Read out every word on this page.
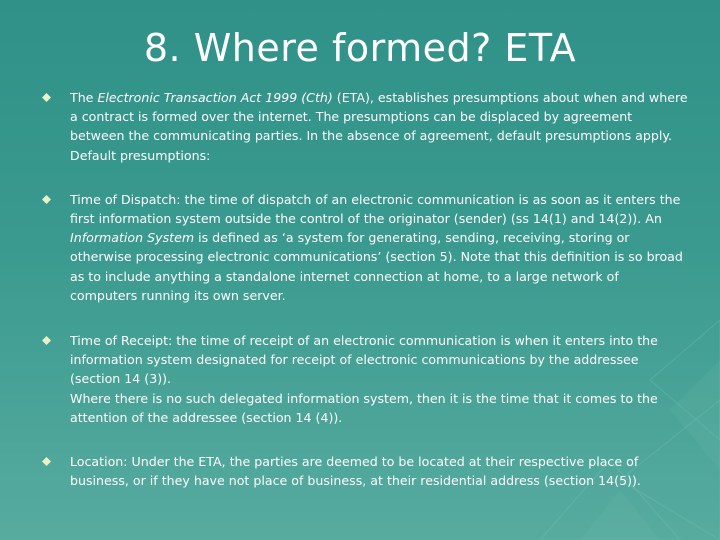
8. Where formed? ETA
The Electronic Transaction Act 1999 (Cth) (ETA), establishes presumptions about when and where a contract is formed over the internet. The presumptions can be displaced by agreement between the communicating parties. In the absence of agreement, default presumptions apply. Default presumptions:
Time of Dispatch: the time of dispatch of an electronic communication is as soon as it enters the first information system outside the control of the originator (sender) (ss 14(1) and 14(2)). An Information System is defined as ‘a system for generating, sending, receiving, storing or otherwise processing electronic communications’ (section 5). Note that this definition is so broad as to include anything a standalone internet connection at home, to a large network of computers running its own server.
Time of Receipt: the time of receipt of an electronic communication is when it enters into the information system designated for receipt of electronic communications by the addressee (section 14 (3)).
Where there is no such delegated information system, then it is the time that it comes to the attention of the addressee (section 14 (4)).
Location: Under the ETA, the parties are deemed to be located at their respective place of business, or if they have not place of business, at their residential address (section 14(5)).
